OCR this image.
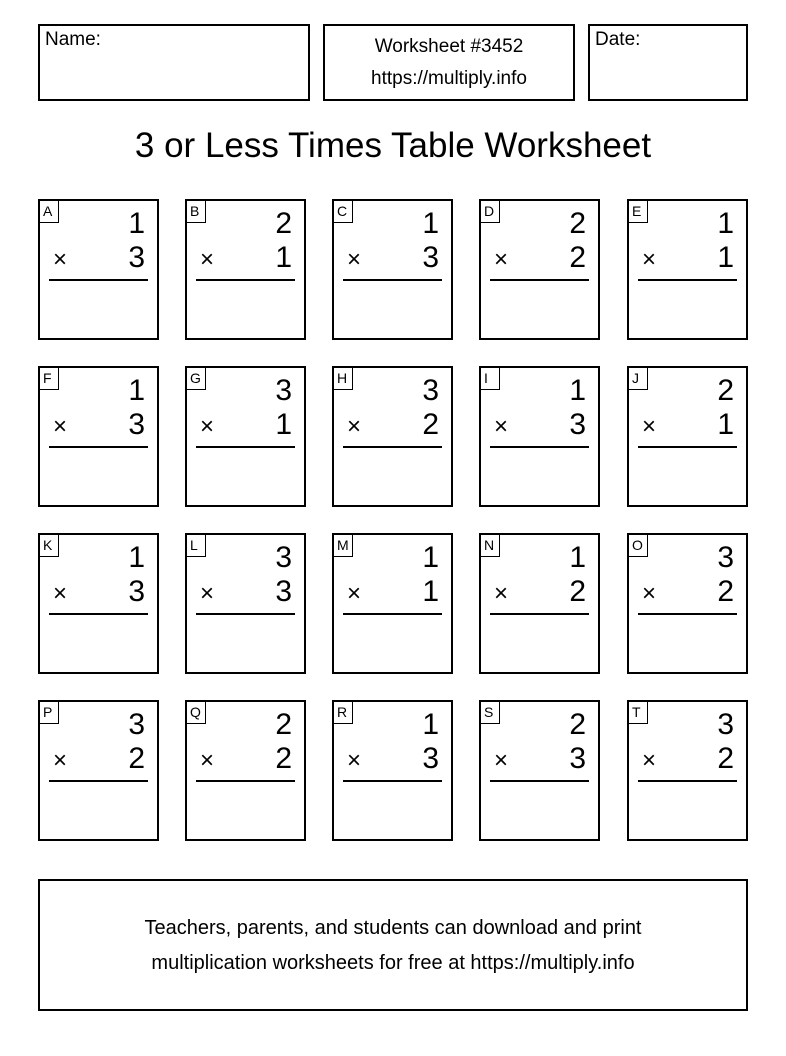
Name:	Worksheet #3452
https://multiply.info
Date:
3 or Less Times Table Worksheet
A	1
× 3
B	2
× 1
C	1
× 3
D	2
× 2
E	1
× 1
F	1
× 3
G 3
× 1
H	3
× 2
I	1
× 3
J	2
× 1
K	1
× 3
L	3
× 3
M 1
× 1
N	1
× 2
O 3
× 2
P	3
× 2
Q 2
× 2
R	1
× 3
S	2
× 3
T	3
× 2
Teachers, parents, and students can download and print
multiplication worksheets for free at https://multiply.info
